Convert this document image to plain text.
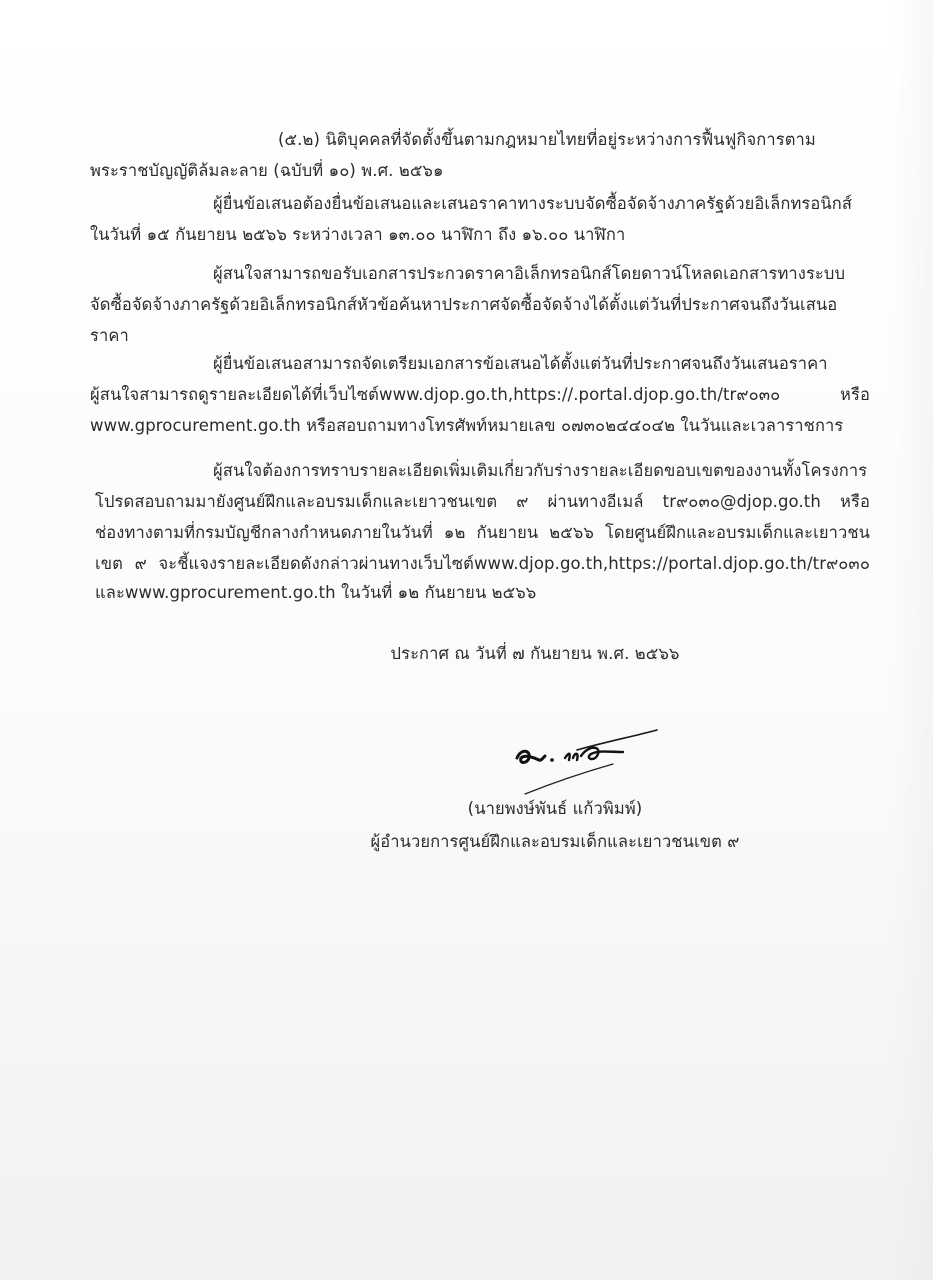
(๕.๒) นิติบุคคลที่จัดตั้งขึ้นตามกฎหมายไทยที่อยู่ระหว่างการฟื้นฟูกิจการตาม
พระราชบัญญัติล้มละลาย (ฉบับที่ ๑๐) พ.ศ. ๒๕๖๑
ผู้ยื่นข้อเสนอต้องยื่นข้อเสนอและเสนอราคาทางระบบจัดซื้อจัดจ้างภาครัฐด้วยอิเล็กทรอนิกส์
ในวันที่ ๑๕ กันยายน ๒๕๖๖ ระหว่างเวลา ๑๓.๐๐ นาฬิกา ถึง ๑๖.๐๐ นาฬิกา
ผู้สนใจสามารถขอรับเอกสารประกวดราคาอิเล็กทรอนิกส์โดยดาวน์โหลดเอกสารทางระบบ
จัดซื้อจัดจ้างภาครัฐด้วยอิเล็กทรอนิกส์หัวข้อค้นหาประกาศจัดซื้อจัดจ้างได้ตั้งแต่วันที่ประกาศจนถึงวันเสนอ
ราคา
ผู้ยื่นข้อเสนอสามารถจัดเตรียมเอกสารข้อเสนอได้ตั้งแต่วันที่ประกาศจนถึงวันเสนอราคา
ผู้สนใจสามารถดูรายละเอียดได้ที่เว็บไซต์www.djop.go.th,https://.portal.djop.go.th/tr๙๐๓๐ หรือ
www.gprocurement.go.th หรือสอบถามทางโทรศัพท์หมายเลข ๐๗๓๐๒๔๔๐๔๒ ในวันและเวลาราชการ
ผู้สนใจต้องการทราบรายละเอียดเพิ่มเติมเกี่ยวกับร่างรายละเอียดขอบเขตของงานทั้งโครงการ
โปรดสอบถามมายังศูนย์ฝึกและอบรมเด็กและเยาวชนเขต ๙ ผ่านทางอีเมล์ tr๙๐๓๐@djop.go.th หรือ
ช่องทางตามที่กรมบัญชีกลางกำหนดภายในวันที่ ๑๒ กันยายน ๒๕๖๖ โดยศูนย์ฝึกและอบรมเด็กและเยาวชน
เขต ๙ จะชี้แจงรายละเอียดดังกล่าวผ่านทางเว็บไซต์www.djop.go.th,https://portal.djop.go.th/tr๙๐๓๐
และwww.gprocurement.go.th ในวันที่ ๑๒ กันยายน ๒๕๖๖
ประกาศ ณ วันที่ ๗ กันยายน พ.ศ. ๒๕๖๖
(นายพงษ์พันธ์ แก้วพิมพ์)
ผู้อำนวยการศูนย์ฝึกและอบรมเด็กและเยาวชนเขต ๙
